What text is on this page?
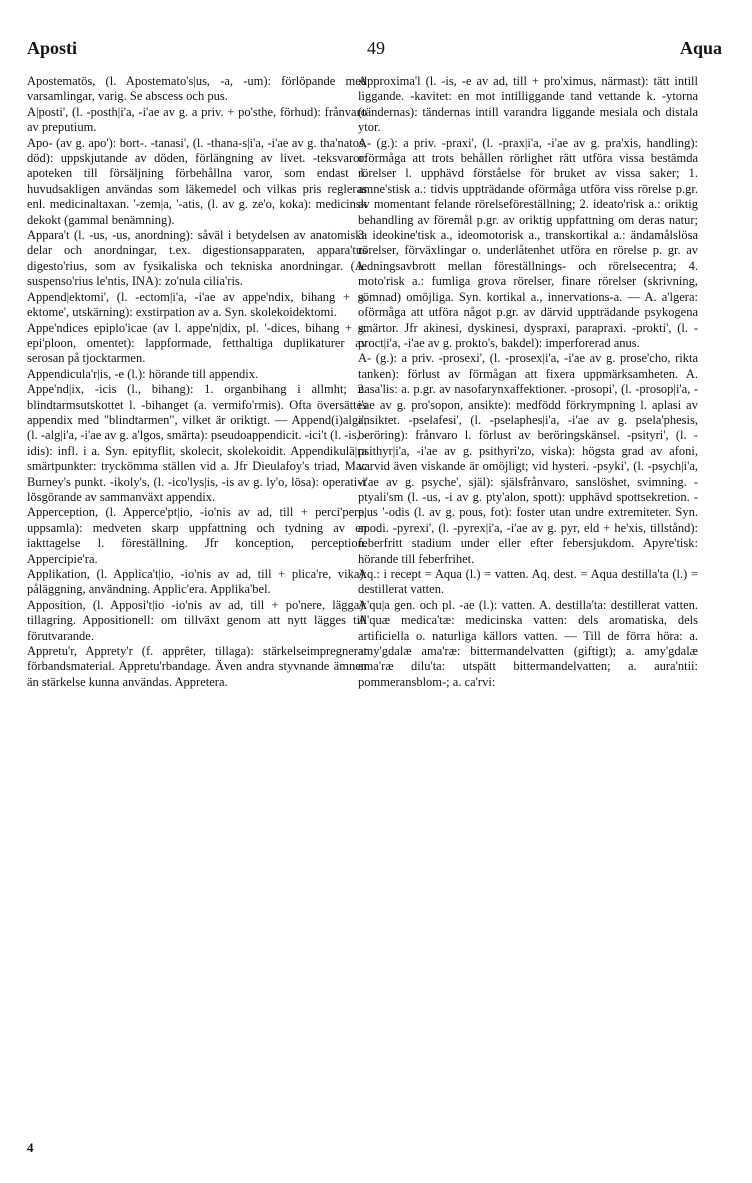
Aposti	49	Aqua

Apostematös, (l. Apostemato's|us, -a, -um): förlöpande med varsamlingar, varig. Se abscess och pus.

A|posti', (l. -posth|i'a, -i'ae av g. a priv. + po'sthe, förhud): frånvaro av preputium.

Apo- (av g. apo'): bort-. -tanasi', (l. -thana-s|i'a, -i'ae av g. tha'natos, död): uppskjutande av döden, förlängning av livet. -teksvaror: apoteken till försäljning förbehållna varor, som endast l. huvudsakligen användas som läkemedel och vilkas pris regleras enl. medicinaltaxan. '-zem|a, '-atis, (l. av g. ze'o, koka): medicinsk dekokt (gammal benämning).

Appara't (l. -us, -us, anordning): såväl i betydelsen av anatomiska delar och anordningar, t.ex. digestionsapparaten, appara'tus digesto'rius, som av fysikaliska och tekniska anordningar. (A. suspenso'rius le'ntis, INA): zo'nula cilia'ris.

Append|ektomi', (l. -ectom|i'a, -i'ae av appe'ndix, bihang + g. ektome', utskärning): exstirpation av a. Syn. skolekoidektomi.

Appe'ndices epiplo'icae (av l. appe'n|dix, pl. '-dices, bihang + g. epi'ploon, omentet): lappformade, fetthaltiga duplikaturer av serosan på tjocktarmen.

Appendicula'r|is, -e (l.): hörande till appendix.

Appe'nd|ix, -icis (l., bihang): 1. organbihang i allmht; 2. blindtarmsutskottet l. -bihanget (a. vermifo'rmis). Ofta översättes appendix med "blindtarmen", vilket är oriktigt. — Append(i)algi', (l. -alg|i'a, -i'ae av g. a'lgos, smärta): pseudoappendicit. -ici't (l. -is, -idis): infl. i a. Syn. epityflit, skolecit, skolekoidit. Appendikulä|ra smärtpunkter: tryckömma ställen vid a. Jfr Dieulafoy's triad, Mac Burney's punkt. -ikoly's, (l. -ico'lys|is, -is av g. ly'o, lösa): operativt lösgörande av sammanväxt appendix.

Apperception, (l. Apperce'pt|io, -io'nis av ad, till + perci'pere, uppsamla): medveten skarp uppfattning och tydning av en iakttagelse l. föreställning. Jfr konception, perception. Appercipie'ra.

Applikation, (l. Applica't|io, -io'nis av ad, till + plica're, vika): påläggning, användning. Applic'era. Applika'bel.

Apposition, (l. Apposi't|io -io'nis av ad, till + po'nere, lägga): tillagring. Appositionell: om tillväxt genom att nytt lägges till förutvarande.

Appretu'r, Apprety'r (f. apprêter, tillaga): stärkelseimpregnerat förbandsmaterial. Appretu'rbandage. Även andra styvnande ämnen än stärkelse kunna användas. Appretera.

Approxima'l (l. -is, -e av ad, till + pro'ximus, närmast): tätt intill liggande. -kavitet: en mot intilliggande tand vettande k. -ytorna (tändernas): tändernas intill varandra liggande mesiala och distala ytor.

A- (g.): a priv. -praxi', (l. -prax|i'a, -i'ae av g. pra'xis, handling): oförmåga att trots behållen rörlighet rätt utföra vissa bestämda rörelser l. upphävd förståelse för bruket av vissa saker; 1. amne'stisk a.: tidvis uppträdande oförmåga utföra viss rörelse p.gr. av momentant felande rörelseföreställning; 2. ideato'risk a.: oriktig behandling av föremål p.gr. av oriktig uppfattning om deras natur; 3. ideokine'tisk a., ideomotorisk a., transkortikal a.: ändamålslösa rörelser, förväxlingar o. underlåtenhet utföra en rörelse p. gr. av ledningsavbrott mellan föreställnings- och rörelsecentra; 4. moto'risk a.: fumliga grova rörelser, finare rörelser (skrivning, sömnad) omöjliga. Syn. kortikal a., innervations-a. — A. a'lgera: oförmåga att utföra något p.gr. av därvid uppträdande psykogena smärtor. Jfr akinesi, dyskinesi, dyspraxi, parapraxi. -prokti', (l. -proct|i'a, -i'ae av g. prokto's, bakdel): imperforerad anus.

A- (g.): a priv. -prosexi', (l. -prosex|i'a, -i'ae av g. prose'cho, rikta tanken): förlust av förmågan att fixera uppmärksamheten. A. nasa'lis: a. p.gr. av nasofarynxaffektioner. -prosopi', (l. -prosop|i'a, -i'ae av g. pro'sopon, ansikte): medfödd förkrympning l. aplasi av ansiktet. -pselafesi', (l. -pselaphes|i'a, -i'ae av g. psela'phesis, beröring): frånvaro l. förlust av beröringskänsel. -psityri', (l. -psithyr|i'a, -i'ae av g. psithyri'zo, viska): högsta grad av afoni, varvid även viskande är omöjligt; vid hysteri. -psyki', (l. -psych|i'a, -i'ae av g. psyche', själ): själsfrånvaro, sanslöshet, svimning. -ptyali'sm (l. -us, -i av g. pty'alon, spott): upphävd spottsekretion. -p|us '-odis (l. av g. pous, fot): foster utan undre extremiteter. Syn. apodi. -pyrexi', (l. -pyrex|i'a, -i'ae av g. pyr, eld + he'xis, tillstånd): feberfritt stadium under eller efter febersjukdom. Apyre'tisk: hörande till feberfrihet.

Aq.: i recept = Aqua (l.) = vatten. Aq. dest. = Aqua destilla'ta (l.) = destillerat vatten.

A'qu|a gen. och pl. -ae (l.): vatten. A. destilla'ta: destillerat vatten. A'quæ medica'tæ: medicinska vatten: dels aromatiska, dels artificiella o. naturliga källors vatten. — Till de förra höra: a. amy'gdalæ ama'ræ: bittermandelvatten (giftigt); a. amy'gdalæ ama'ræ dilu'ta: utspätt bittermandelvatten; a. aura'ntii: pommeransblom-; a. ca'rvi:

4
